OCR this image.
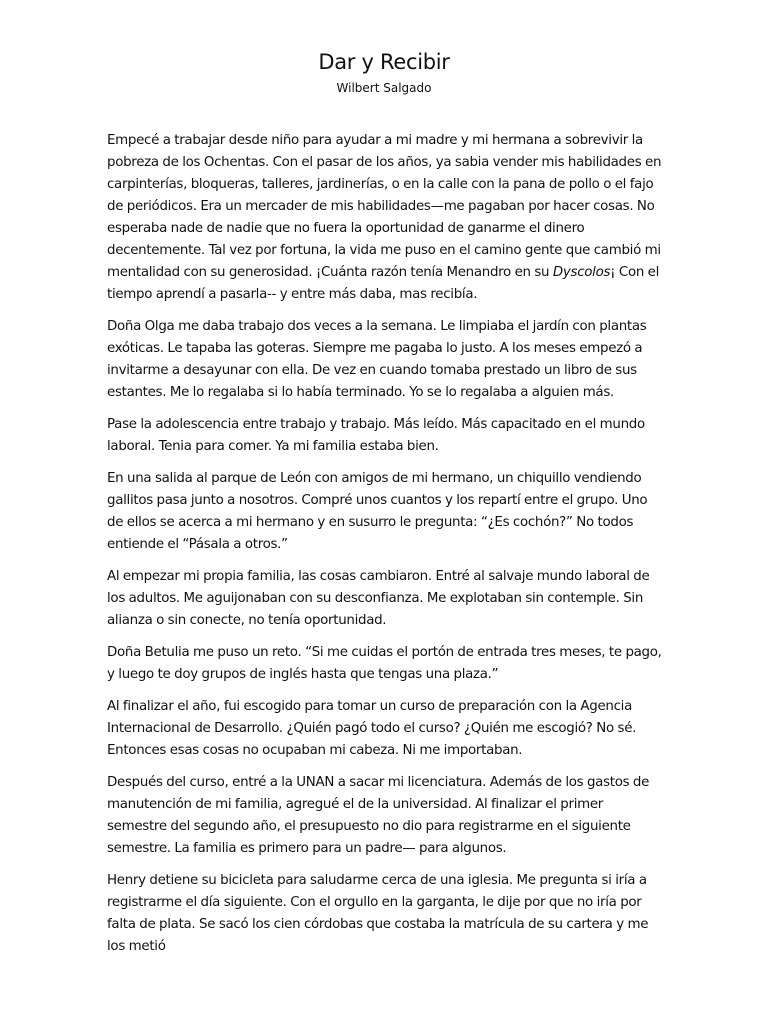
Dar y Recibir
Wilbert Salgado

Empecé a trabajar desde niño para ayudar a mi madre y mi hermana a sobrevivir la pobreza de los Ochentas. Con el pasar de los años, ya sabia vender mis habilidades en carpinterías, bloqueras, talleres, jardinerías, o en la calle con la pana de pollo o el fajo de periódicos. Era un mercader de mis habilidades—me pagaban por hacer cosas. No esperaba nade de nadie que no fuera la oportunidad de ganarme el dinero decentemente. Tal vez por fortuna, la vida me puso en el camino gente que cambió mi mentalidad con su generosidad. ¡Cuánta razón tenía Menandro en su Dyscolos¡ Con el tiempo aprendí a pasarla-- y entre más daba, mas recibía.

Doña Olga me daba trabajo dos veces a la semana. Le limpiaba el jardín con plantas exóticas. Le tapaba las goteras. Siempre me pagaba lo justo. A los meses empezó a invitarme a desayunar con ella. De vez en cuando tomaba prestado un libro de sus estantes. Me lo regalaba si lo había terminado. Yo se lo regalaba a alguien más.

Pase la adolescencia entre trabajo y trabajo. Más leído. Más capacitado en el mundo laboral. Tenia para comer. Ya mi familia estaba bien.

En una salida al parque de León con amigos de mi hermano, un chiquillo vendiendo gallitos pasa junto a nosotros. Compré unos cuantos y los repartí entre el grupo. Uno de ellos se acerca a mi hermano y en susurro le pregunta: “¿Es cochón?” No todos entiende el “Pásala a otros.”

Al empezar mi propia familia, las cosas cambiaron. Entré al salvaje mundo laboral de los adultos. Me aguijonaban con su desconfianza. Me explotaban sin contemple. Sin alianza o sin conecte, no tenía oportunidad.

Doña Betulia me puso un reto. “Si me cuidas el portón de entrada tres meses, te pago, y luego te doy grupos de inglés hasta que tengas una plaza.”

Al finalizar el año, fui escogido para tomar un curso de preparación con la Agencia Internacional de Desarrollo. ¿Quién pagó todo el curso? ¿Quién me escogió? No sé. Entonces esas cosas no ocupaban mi cabeza. Ni me importaban.

Después del curso, entré a la UNAN a sacar mi licenciatura. Además de los gastos de manutención de mi familia, agregué el de la universidad. Al finalizar el primer semestre del segundo año, el presupuesto no dio para registrarme en el siguiente semestre. La familia es primero para un padre— para algunos.

Henry detiene su bicicleta para saludarme cerca de una iglesia. Me pregunta si iría a registrarme el día siguiente. Con el orgullo en la garganta, le dije por que no iría por falta de plata. Se sacó los cien córdobas que costaba la matrícula de su cartera y me los metió
